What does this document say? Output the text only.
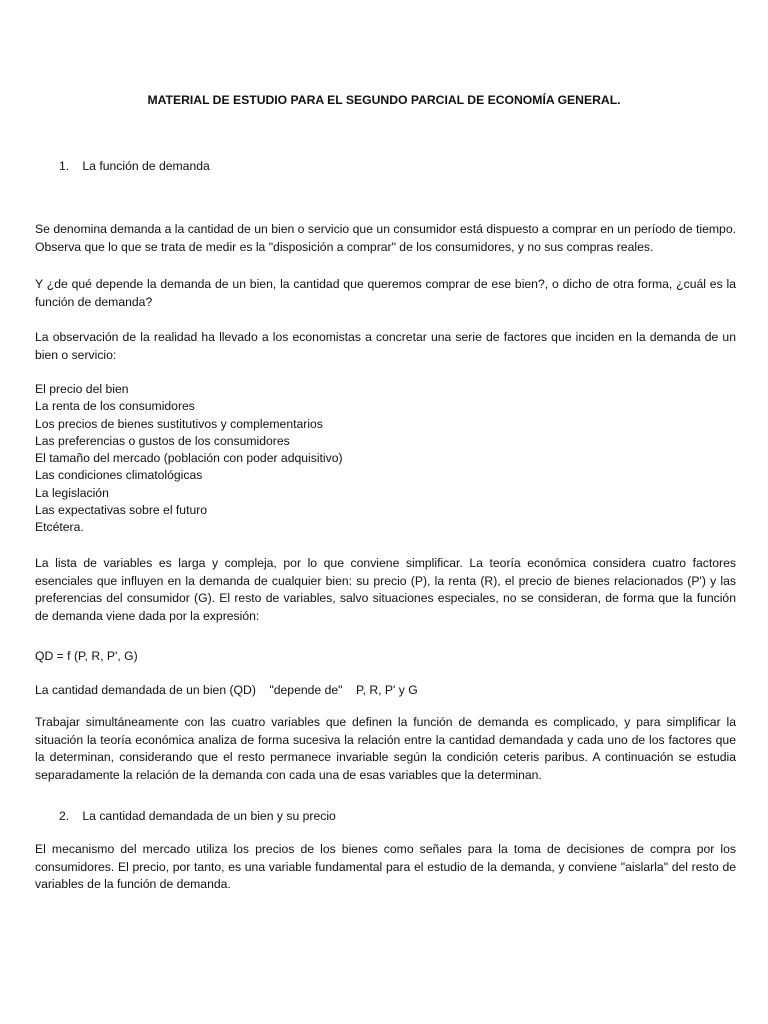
MATERIAL DE ESTUDIO PARA EL SEGUNDO PARCIAL DE ECONOMÍA GENERAL.

1. La función de demanda

Se denomina demanda a la cantidad de un bien o servicio que un consumidor está dispuesto a comprar en un período de tiempo. Observa que lo que se trata de medir es la "disposición a comprar" de los consumidores, y no sus compras reales.

Y ¿de qué depende la demanda de un bien, la cantidad que queremos comprar de ese bien?, o dicho de otra forma, ¿cuál es la función de demanda?

La observación de la realidad ha llevado a los economistas a concretar una serie de factores que inciden en la demanda de un bien o servicio:

El precio del bien
La renta de los consumidores
Los precios de bienes sustitutivos y complementarios
Las preferencias o gustos de los consumidores
El tamaño del mercado (población con poder adquisitivo)
Las condiciones climatológicas
La legislación
Las expectativas sobre el futuro
Etcétera.

La lista de variables es larga y compleja, por lo que conviene simplificar. La teoría económica considera cuatro factores esenciales que influyen en la demanda de cualquier bien: su precio (P), la renta (R), el precio de bienes relacionados (P') y las preferencias del consumidor (G). El resto de variables, salvo situaciones especiales, no se consideran, de forma que la función de demanda viene dada por la expresión:

QD = f (P, R, P', G)

La cantidad demandada de un bien (QD)    "depende de"    P, R, P' y G

Trabajar simultáneamente con las cuatro variables que definen la función de demanda es complicado, y para simplificar la situación la teoría económica analiza de forma sucesiva la relación entre la cantidad demandada y cada uno de los factores que la determinan, considerando que el resto permanece invariable según la condición ceteris paribus. A continuación se estudia separadamente la relación de la demanda con cada una de esas variables que la determinan.

2. La cantidad demandada de un bien y su precio

El mecanismo del mercado utiliza los precios de los bienes como señales para la toma de decisiones de compra por los consumidores. El precio, por tanto, es una variable fundamental para el estudio de la demanda, y conviene "aislarla" del resto de variables de la función de demanda.
